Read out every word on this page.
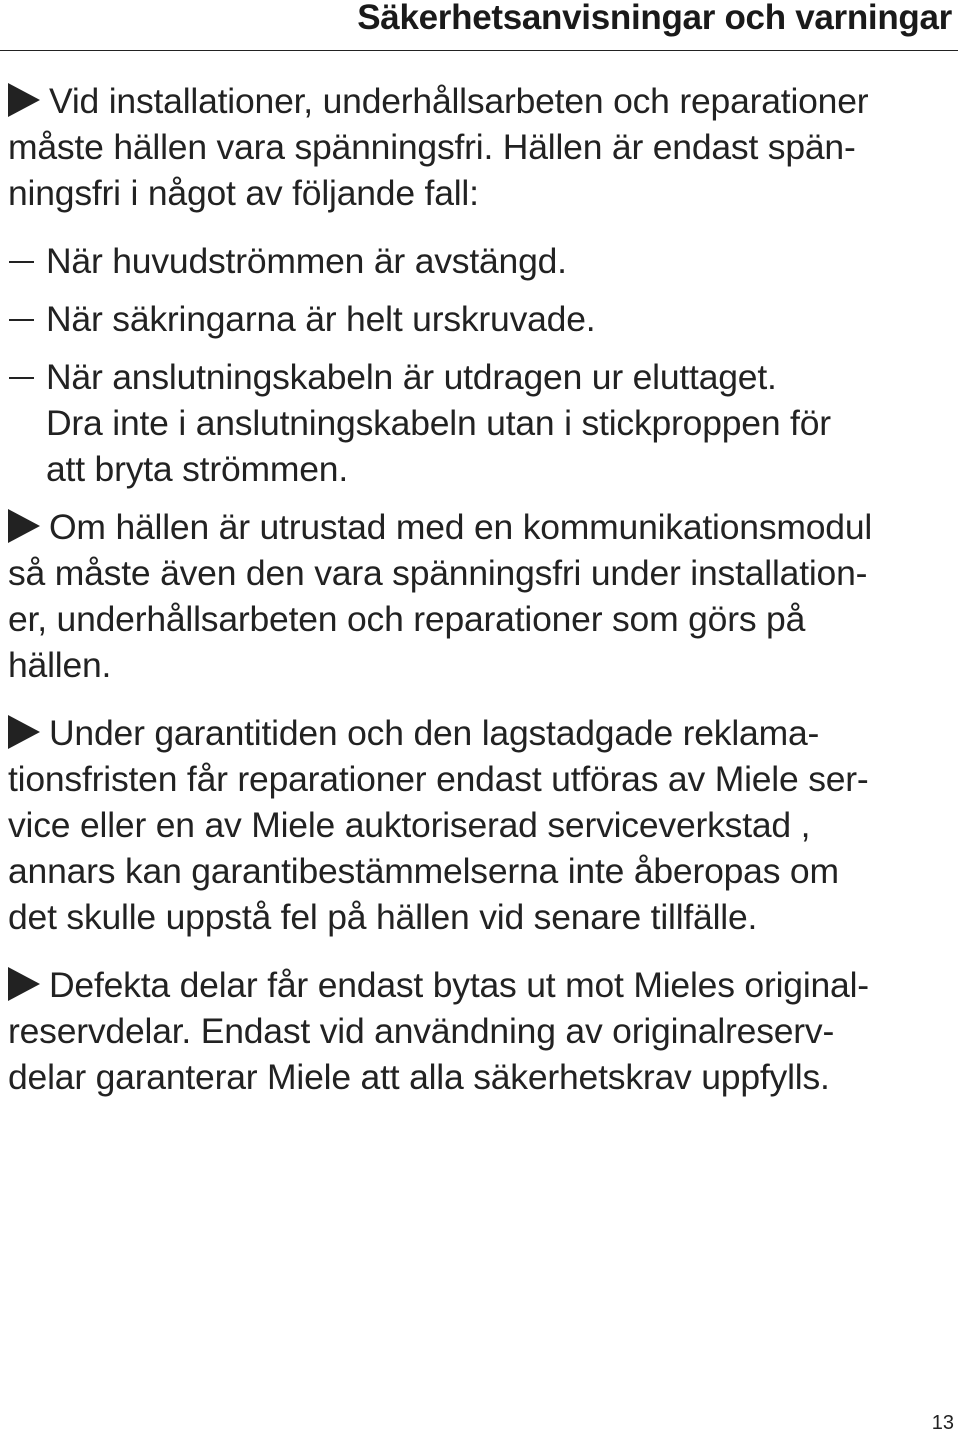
Säkerhetsanvisningar och varningar

Vid installationer, underhållsarbeten och reparationer
måste hällen vara spänningsfri. Hällen är endast spän-
ningsfri i något av följande fall:

När huvudströmmen är avstängd.
När säkringarna är helt urskruvade.
När anslutningskabeln är utdragen ur eluttaget.
Dra inte i anslutningskabeln utan i stickproppen för
att bryta strömmen.

Om hällen är utrustad med en kommunikationsmodul
så måste även den vara spänningsfri under installation-
er, underhållsarbeten och reparationer som görs på
hällen.

Under garantitiden och den lagstadgade reklama-
tionsfristen får reparationer endast utföras av Miele ser-
vice eller en av Miele auktoriserad serviceverkstad ,
annars kan garantibestämmelserna inte åberopas om
det skulle uppstå fel på hällen vid senare tillfälle.

Defekta delar får endast bytas ut mot Mieles original-
reservdelar. Endast vid användning av originalreserv-
delar garanterar Miele att alla säkerhetskrav uppfylls.

13
